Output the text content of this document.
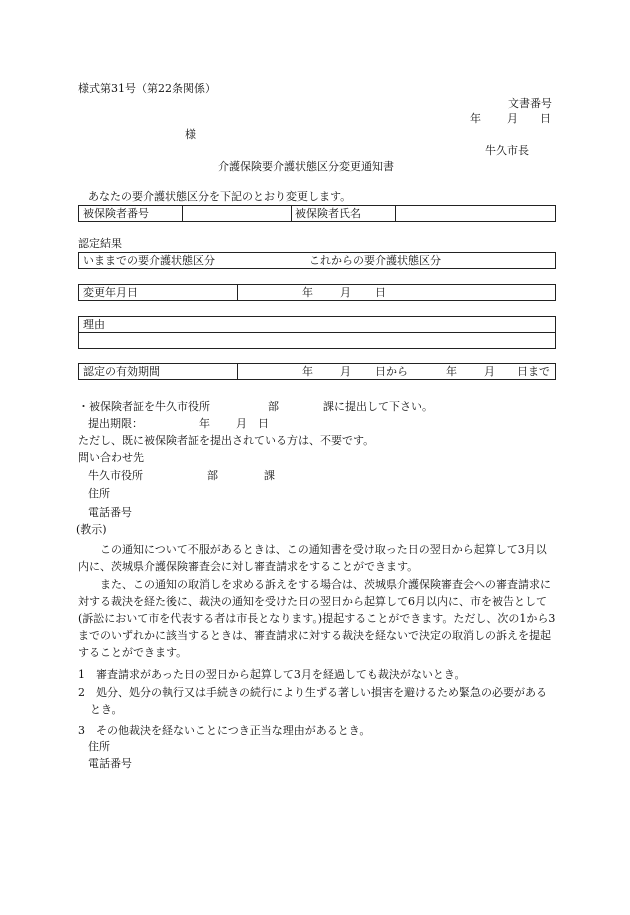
様式第31号（第22条関係）
文書番号
年 月 日
様
牛久市長
介護保険要介護状態区分変更通知書
あなたの要介護状態区分を下記のとおり変更します。
被保険者番号	被保険者氏名
認定結果
いままでの要介護状態区分	これからの要介護状態区分
変更年月日	年 月 日
理由
認定の有効期間	年 月 日から	年 月 日まで
・被保険者証を牛久市役所	部	課に提出して下さい。
提出期限：	年 月 日
ただし、既に被保険者証を提出されている方は、不要です。
問い合わせ先
牛久市役所	部	課
住所
電話番号
(教示)
この通知について不服があるときは、この通知書を受け取った日の翌日から起算して3月以内に、茨城県介護保険審査会に対し審査請求をすることができます。
また、この通知の取消しを求める訴えをする場合は、茨城県介護保険審査会への審査請求に対する裁決を経た後に、裁決の通知を受けた日の翌日から起算して6月以内に、市を被告として(訴訟において市を代表する者は市長となります。)提起することができます。ただし、次の1から3までのいずれかに該当するときは、審査請求に対する裁決を経ないで決定の取消しの訴えを提起することができます。
1　審査請求があった日の翌日から起算して3月を経過しても裁決がないとき。
2　処分、処分の執行又は手続きの続行により生ずる著しい損害を避けるため緊急の必要があるとき。
3　その他裁決を経ないことにつき正当な理由があるとき。
住所
電話番号
